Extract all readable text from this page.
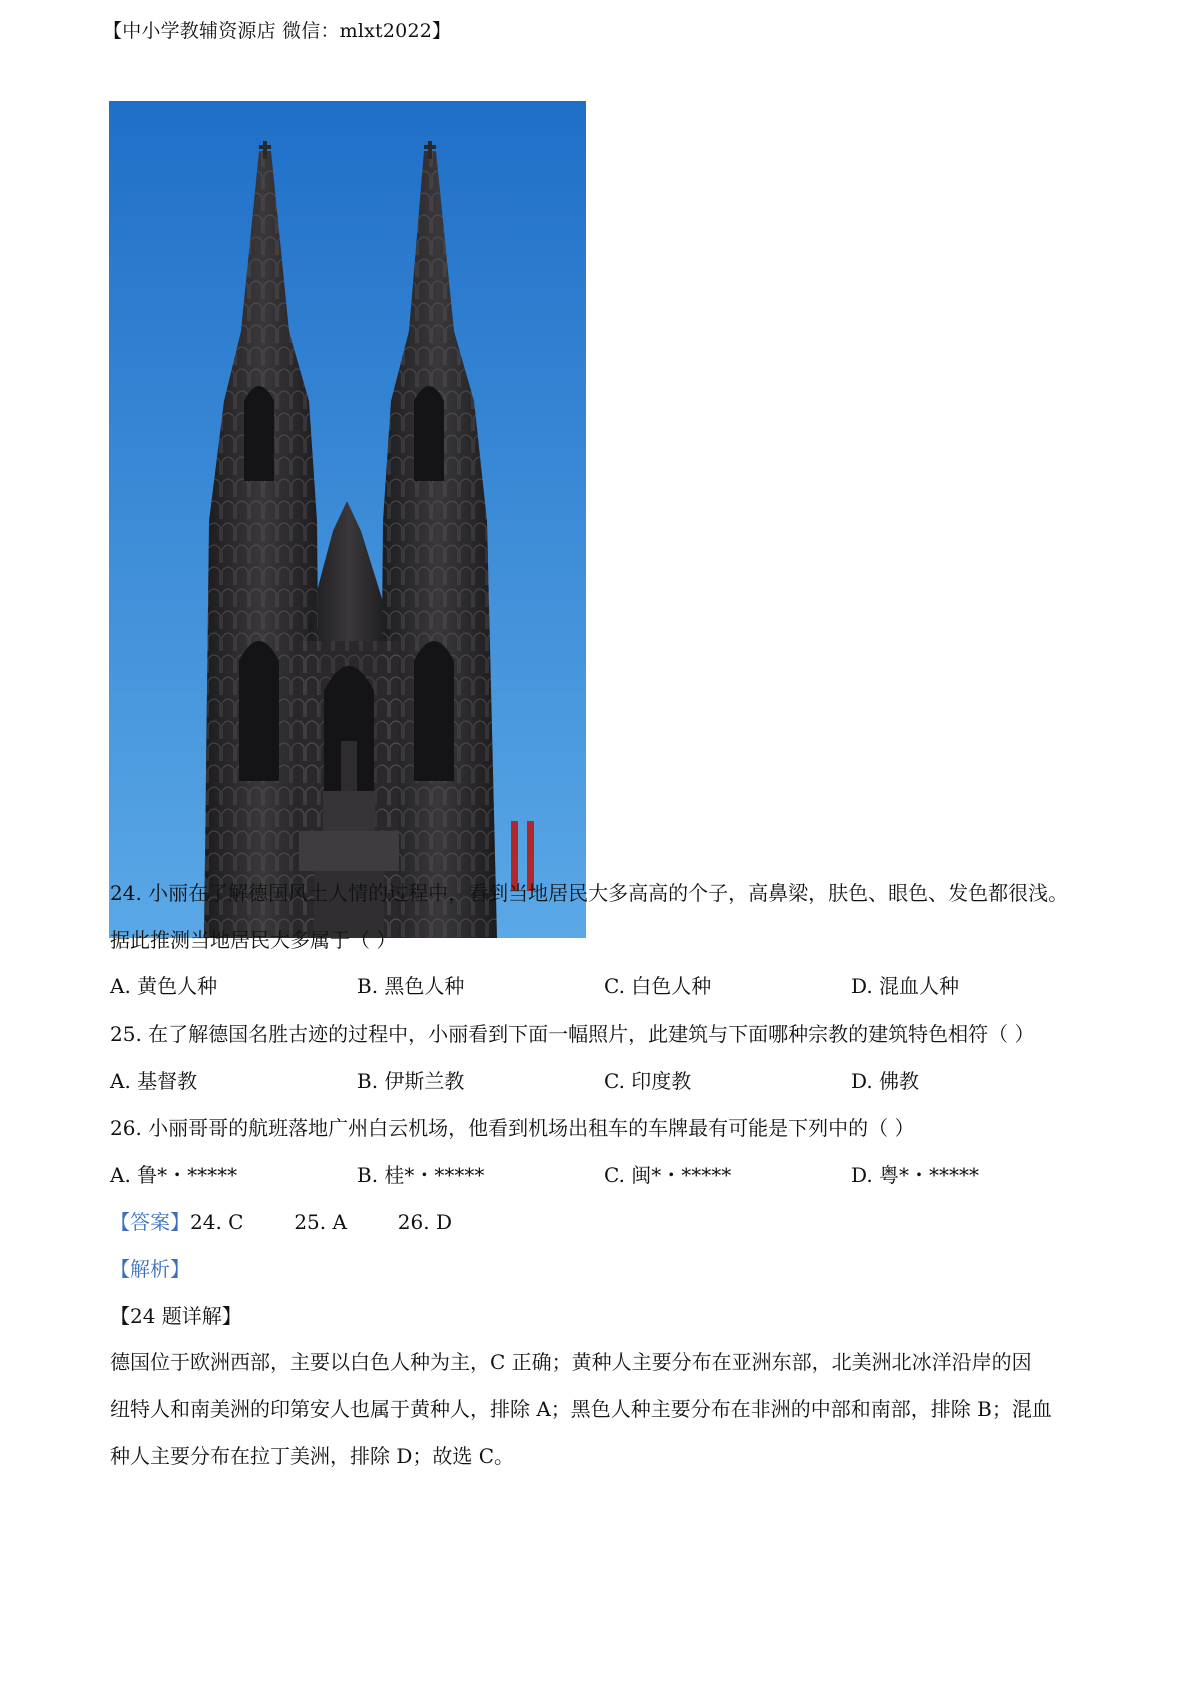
【中小学教辅资源店 微信：mlxt2022】
24. 小丽在了解德国风土人情的过程中，看到当地居民大多高高的个子，高鼻梁，肤色、眼色、发色都很浅。
据此推测当地居民大多属于（ ）
A. 黄色人种	B. 黑色人种	C. 白色人种	D. 混血人种
25. 在了解德国名胜古迹的过程中，小丽看到下面一幅照片，此建筑与下面哪种宗教的建筑特色相符（ ）
A. 基督教	B. 伊斯兰教	C. 印度教	D. 佛教
26. 小丽哥哥的航班落地广州白云机场，他看到机场出租车的车牌最有可能是下列中的（ ）
A. 鲁*・*****	B. 桂*・*****	C. 闽*・*****	D. 粤*・*****
【答案】24. C        25. A        26. D
【解析】
【24 题详解】
德国位于欧洲西部，主要以白色人种为主，C 正确；黄种人主要分布在亚洲东部，北美洲北冰洋沿岸的因
纽特人和南美洲的印第安人也属于黄种人，排除 A；黑色人种主要分布在非洲的中部和南部，排除 B；混血
种人主要分布在拉丁美洲，排除 D；故选 C。
